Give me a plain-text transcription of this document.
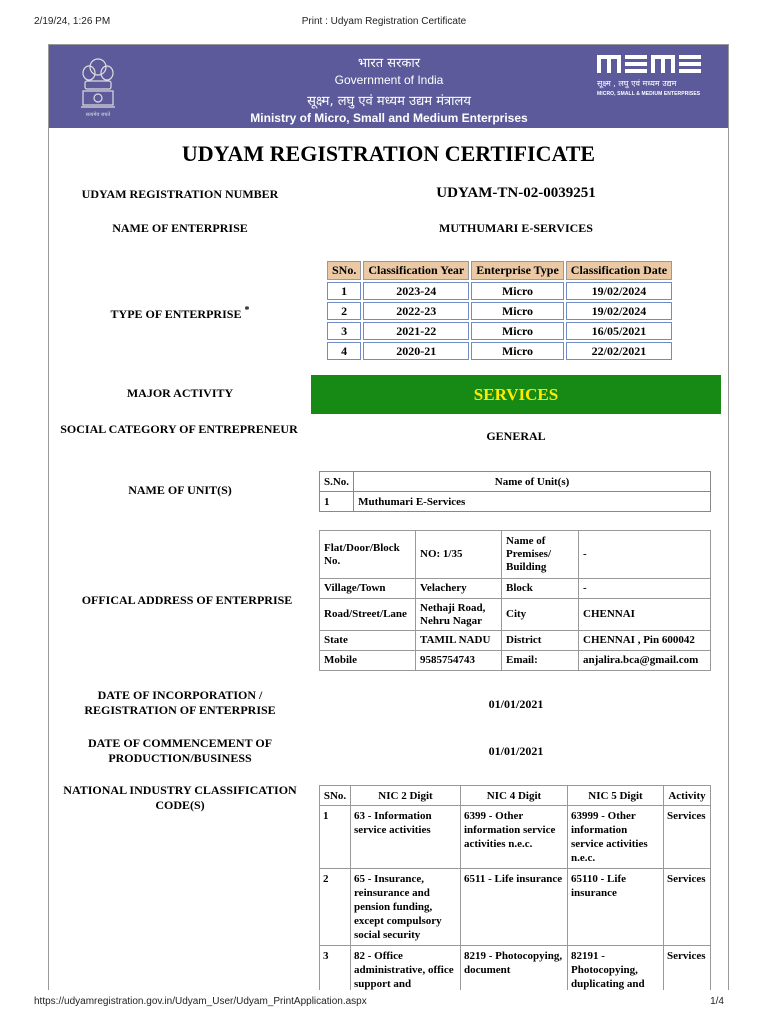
2/19/24, 1:26 PM	Print : Udyam Registration Certificate
सत्यमेव जयते
भारत सरकार
Government of India
सूक्ष्म, लघु एवं मध्यम उद्यम मंत्रालय
Ministry of Micro, Small and Medium Enterprises
सूक्ष्म , लघु एवं मध्यम उद्यम
MICRO, SMALL & MEDIUM ENTERPRISES
UDYAM REGISTRATION CERTIFICATE
UDYAM REGISTRATION NUMBER	UDYAM-TN-02-0039251
NAME OF ENTERPRISE	MUTHUMARI E-SERVICES
TYPE OF ENTERPRISE *
SNo.	Classification Year	Enterprise Type	Classification Date
1	2023-24	Micro	19/02/2024
2	2022-23	Micro	19/02/2024
3	2021-22	Micro	16/05/2021
4	2020-21	Micro	22/02/2021
MAJOR ACTIVITY	SERVICES
SOCIAL CATEGORY OF ENTREPRENEUR	GENERAL
NAME OF UNIT(S)
S.No.	Name of Unit(s)
1	Muthumari E-Services
OFFICAL ADDRESS OF ENTERPRISE
Flat/Door/Block No.	NO: 1/35	Name of Premises/ Building	-
Village/Town	Velachery	Block	-
Road/Street/Lane	Nethaji Road, Nehru Nagar	City	CHENNAI
State	TAMIL NADU	District	CHENNAI , Pin 600042
Mobile	9585754743	Email:	anjalira.bca@gmail.com
DATE OF INCORPORATION / REGISTRATION OF ENTERPRISE	01/01/2021
DATE OF COMMENCEMENT OF PRODUCTION/BUSINESS	01/01/2021
NATIONAL INDUSTRY CLASSIFICATION CODE(S)
SNo.	NIC 2 Digit	NIC 4 Digit	NIC 5 Digit	Activity
1	63 - Information service activities	6399 - Other information service activities n.e.c.	63999 - Other information service activities n.e.c.	Services
2	65 - Insurance, reinsurance and pension funding, except compulsory social security	6511 - Life insurance	65110 - Life insurance	Services
3	82 - Office administrative, office support and	8219 - Photocopying, document	82191 - Photocopying, duplicating and	Services
https://udyamregistration.gov.in/Udyam_User/Udyam_PrintApplication.aspx	1/4
